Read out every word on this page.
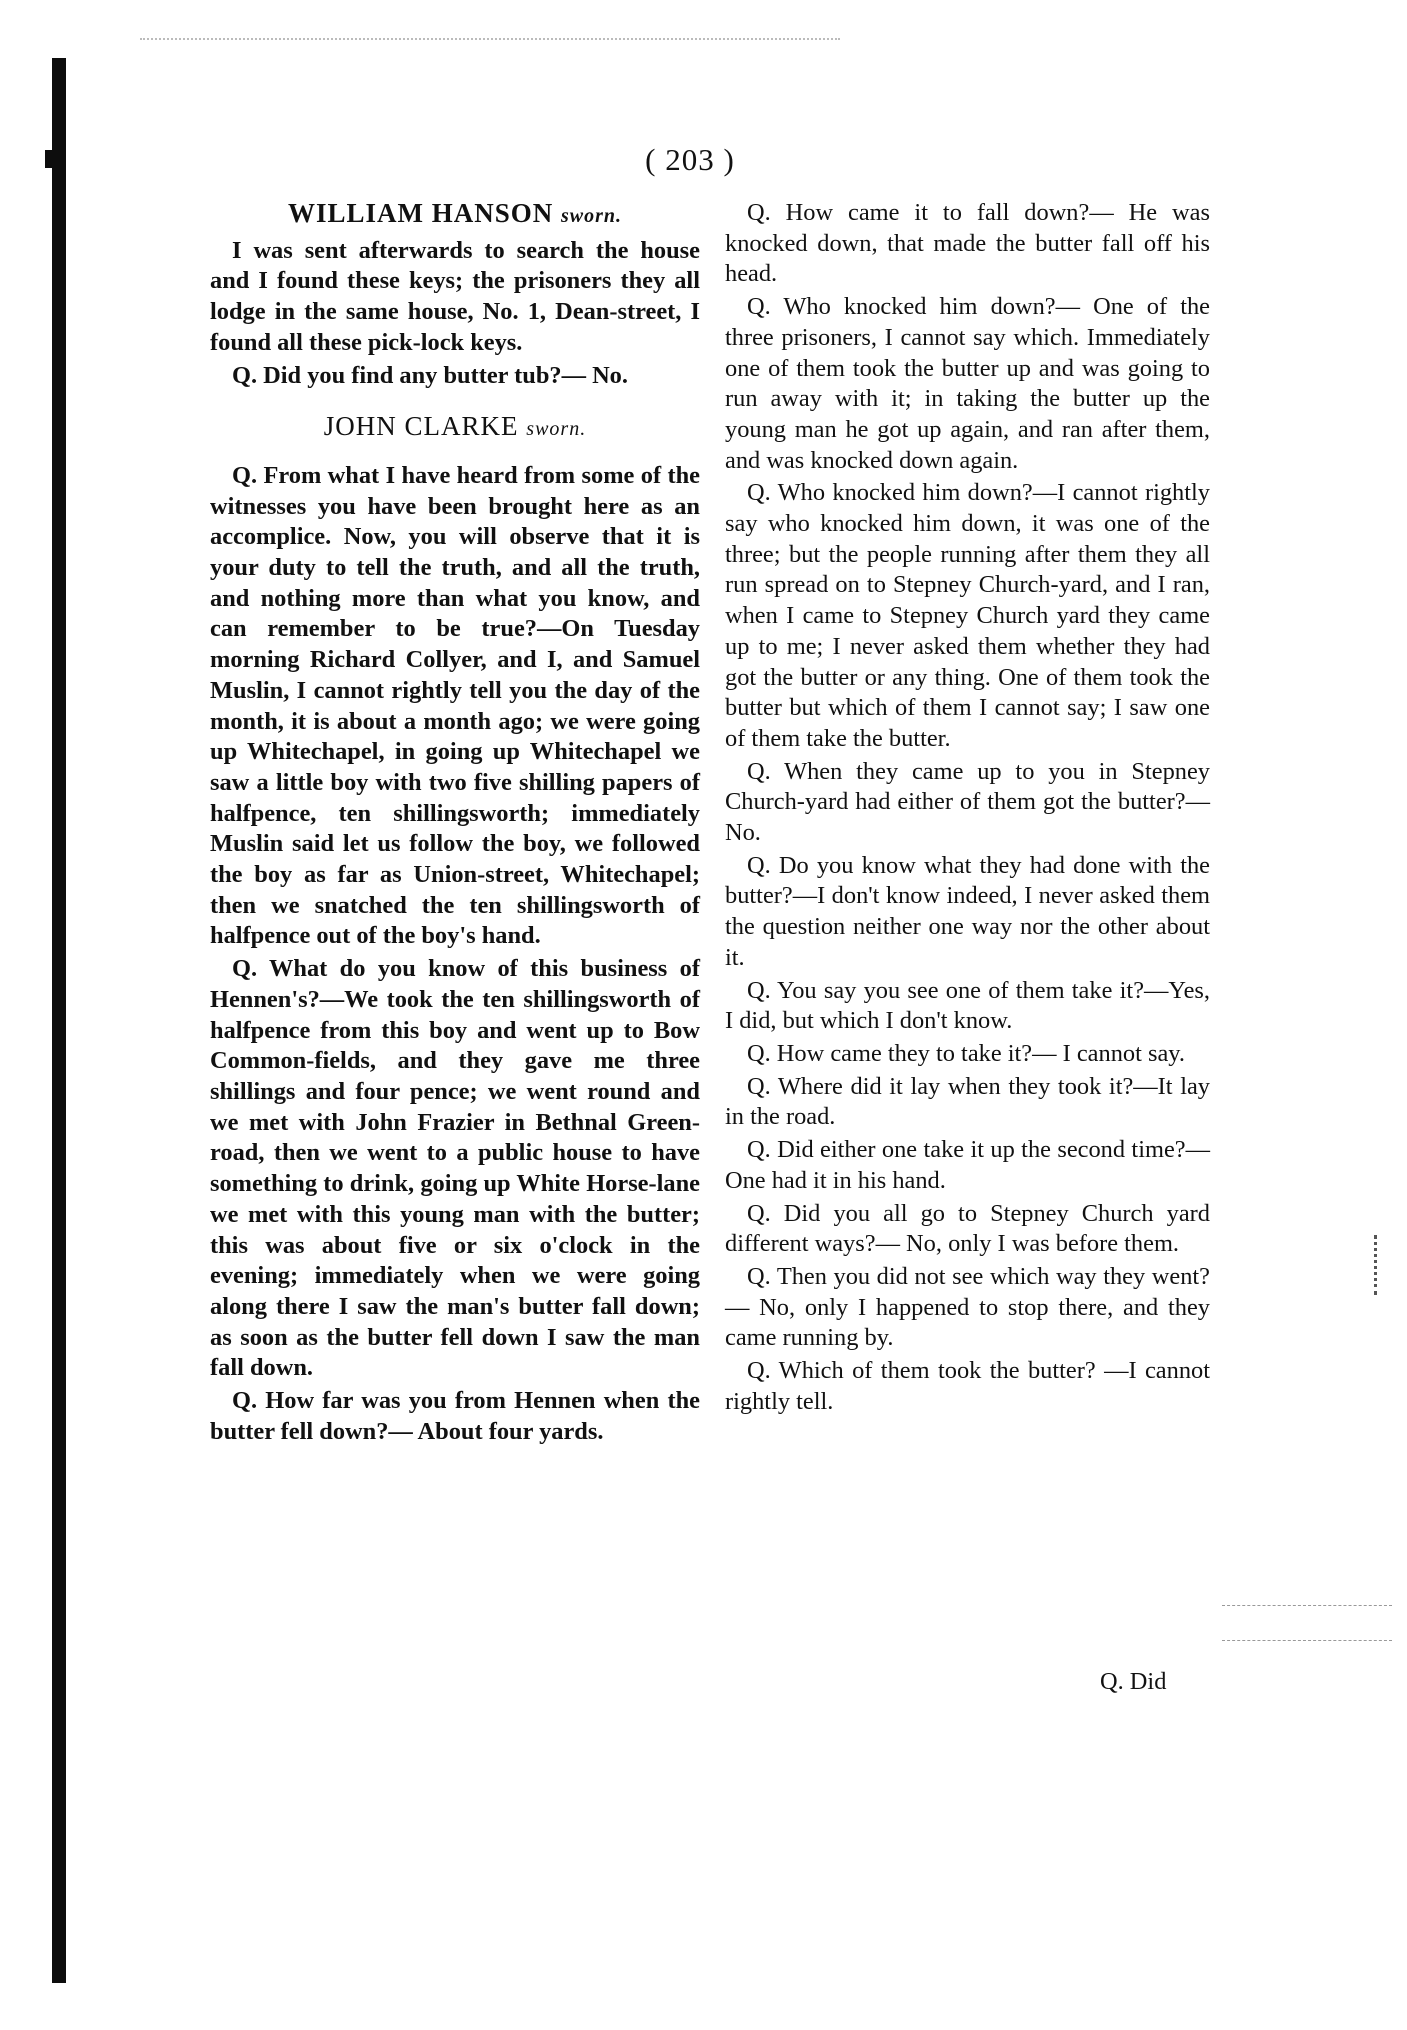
( 203 )
WILLIAM HANSON sworn.

I was sent afterwards to search the house and I found these keys; the prisoners they all lodge in the same house, No. 1, Dean-street, I found all these pick-lock keys.

Q. Did you find any butter tub?— No.

JOHN CLARKE sworn.

Q. From what I have heard from some of the witnesses you have been brought here as an accomplice. Now, you will observe that it is your duty to tell the truth, and all the truth, and nothing more than what you know, and can remember to be true?—On Tuesday morning Richard Collyer, and I, and Samuel Muslin, I cannot rightly tell you the day of the month, it is about a month ago; we were going up Whitechapel, in going up Whitechapel we saw a little boy with two five shilling papers of halfpence, ten shillingsworth; immediately Muslin said let us follow the boy, we followed the boy as far as Union-street, Whitechapel; then we snatched the ten shillingsworth of halfpence out of the boy's hand.

Q. What do you know of this business of Hennen's?—We took the ten shillingsworth of halfpence from this boy and went up to Bow Common-fields, and they gave me three shillings and four pence; we went round and we met with John Frazier in Bethnal Green-road, then we went to a public house to have something to drink, going up White Horse-lane we met with this young man with the butter; this was about five or six o'clock in the evening; immediately when we were going along there I saw the man's butter fall down; as soon as the butter fell down I saw the man fall down.

Q. How far was you from Hennen when the butter fell down?— About four yards.

Q. How came it to fall down?— He was knocked down, that made the butter fall off his head.

Q. Who knocked him down?— One of the three prisoners, I cannot say which. Immediately one of them took the butter up and was going to run away with it; in taking the butter up the young man he got up again, and ran after them, and was knocked down again.

Q. Who knocked him down?—I cannot rightly say who knocked him down, it was one of the three; but the people running after them they all run spread on to Stepney Church-yard, and I ran, when I came to Stepney Church yard they came up to me; I never asked them whether they had got the butter or any thing. One of them took the butter but which of them I cannot say; I saw one of them take the butter.

Q. When they came up to you in Stepney Church-yard had either of them got the butter?— No.

Q. Do you know what they had done with the butter?—I don't know indeed, I never asked them the question neither one way nor the other about it.

Q. You say you see one of them take it?—Yes, I did, but which I don't know.

Q. How came they to take it?— I cannot say.

Q. Where did it lay when they took it?—It lay in the road.

Q. Did either one take it up the second time?— One had it in his hand.

Q. Did you all go to Stepney Church yard different ways?— No, only I was before them.

Q. Then you did not see which way they went?— No, only I happened to stop there, and they came running by.

Q. Which of them took the butter? —I cannot rightly tell.

Q. Did
